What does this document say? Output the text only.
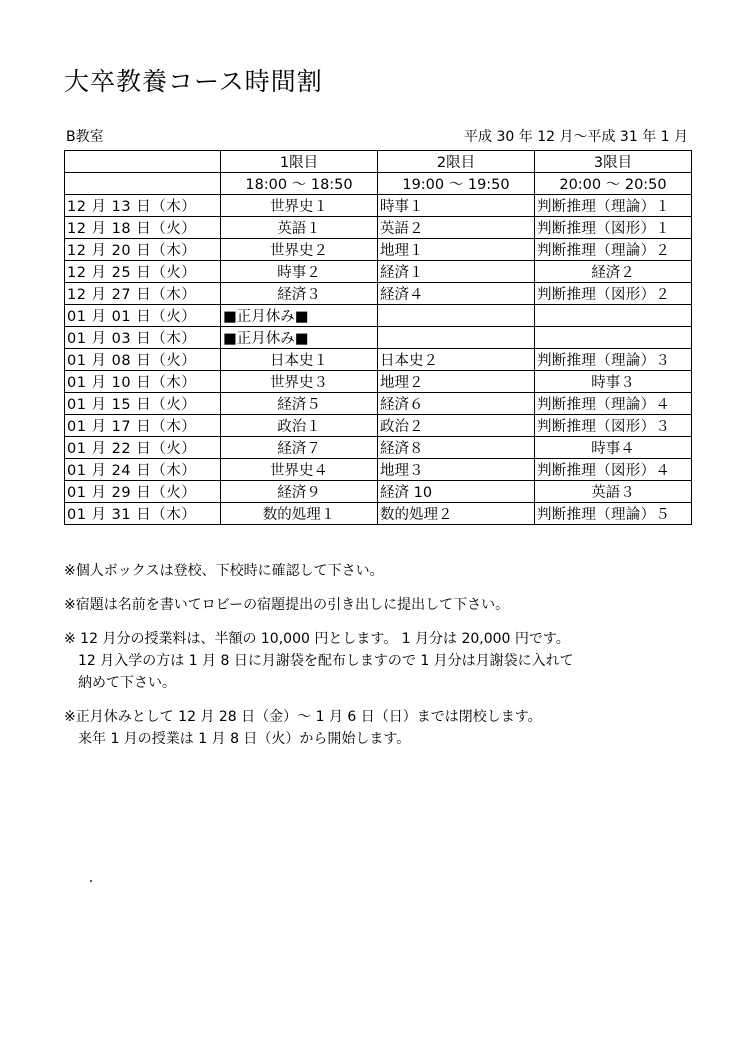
大卒教養コース時間割
B教室	平成 30 年 12 月～平成 31 年 1 月
	1限目	2限目	3限目
	18:00 ～ 18:50	19:00 ～ 19:50	20:00 ～ 20:50
12 月 13 日（木）	世界史１	時事１	判断推理（理論）１
12 月 18 日（火）	英語１	英語２	判断推理（図形）１
12 月 20 日（木）	世界史２	地理１	判断推理（理論）２
12 月 25 日（火）	時事２	経済１	経済２
12 月 27 日（木）	経済３	経済４	判断推理（図形）２
01 月 01 日（火）	■正月休み■		
01 月 03 日（木）	■正月休み■		
01 月 08 日（火）	日本史１	日本史２	判断推理（理論）３
01 月 10 日（木）	世界史３	地理２	時事３
01 月 15 日（火）	経済５	経済６	判断推理（理論）４
01 月 17 日（木）	政治１	政治２	判断推理（図形）３
01 月 22 日（火）	経済７	経済８	時事４
01 月 24 日（木）	世界史４	地理３	判断推理（図形）４
01 月 29 日（火）	経済９	経済 10	英語３
01 月 31 日（木）	数的処理１	数的処理２	判断推理（理論）５
※個人ボックスは登校、下校時に確認して下さい。
※宿題は名前を書いてロビーの宿題提出の引き出しに提出して下さい。
※ 12 月分の授業料は、半額の 10,000 円とします。 1 月分は 20,000 円です。
12 月入学の方は 1 月 8 日に月謝袋を配布しますので 1 月分は月謝袋に入れて
納めて下さい。
※正月休みとして 12 月 28 日（金）～ 1 月 6 日（日）までは閉校します。
来年 1 月の授業は 1 月 8 日（火）から開始します。
